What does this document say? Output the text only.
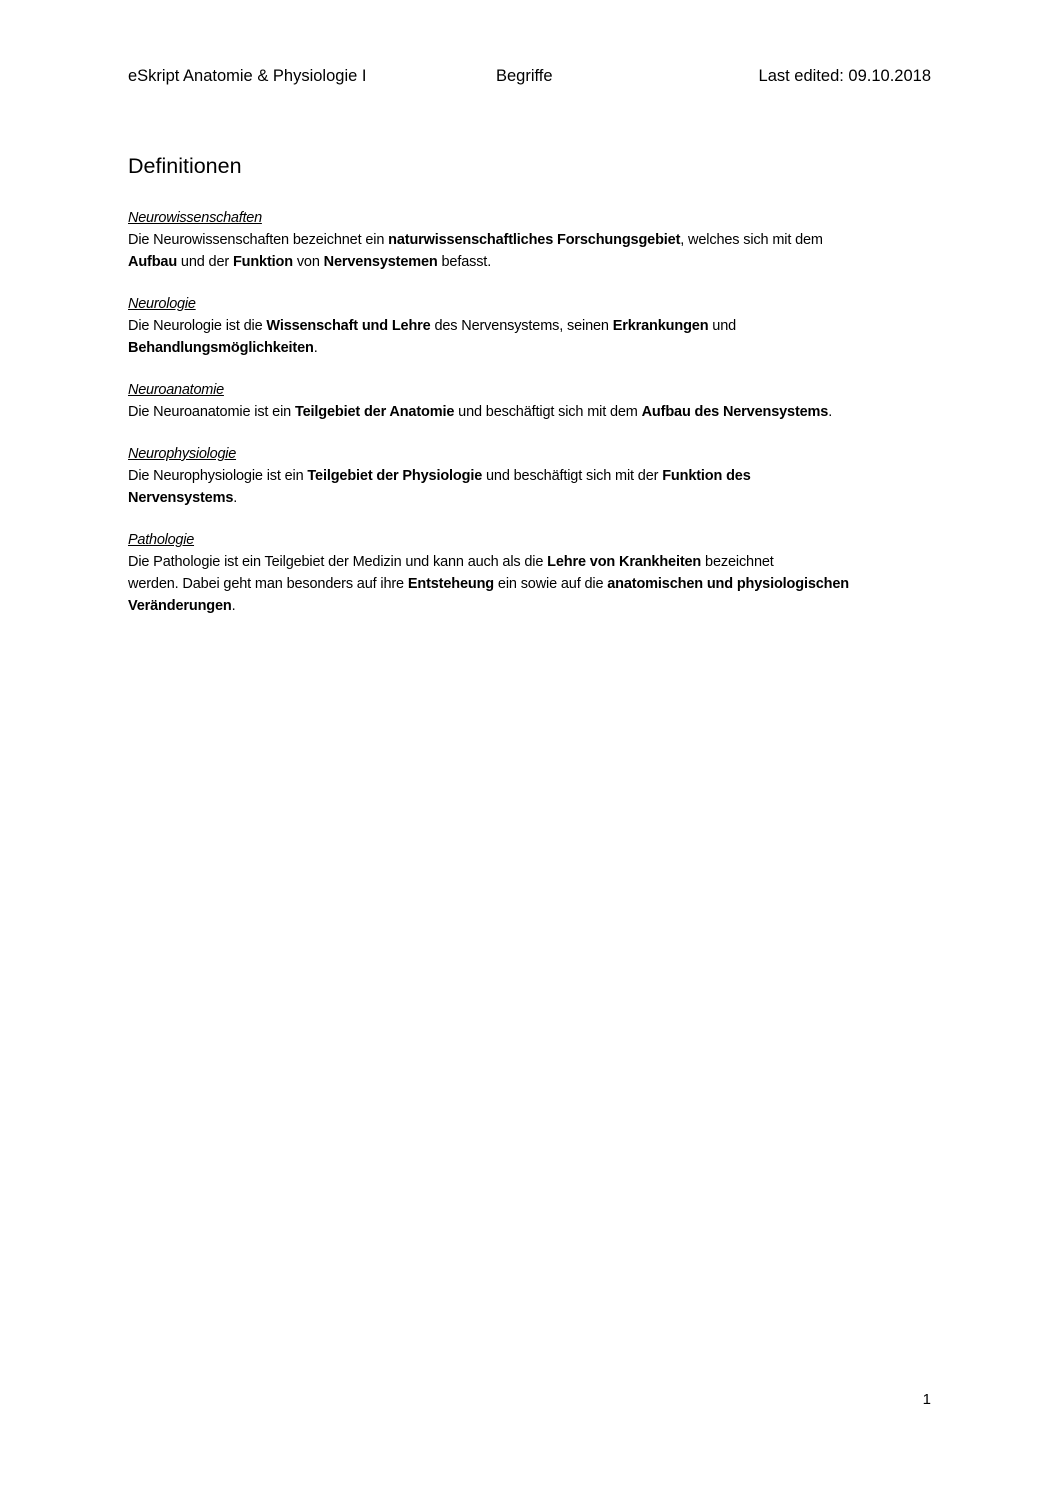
eSkript Anatomie & Physiologie I	Begriffe	Last edited: 09.10.2018
Definitionen
Neurowissenschaften

Die Neurowissenschaften bezeichnet ein naturwissenschaftliches Forschungsgebiet, welches sich mit dem
Aufbau und der Funktion von Nervensystemen befasst.

Neurologie

Die Neurologie ist die Wissenschaft und Lehre des Nervensystems, seinen Erkrankungen und
Behandlungsmöglichkeiten.

Neuroanatomie

Die Neuroanatomie ist ein Teilgebiet der Anatomie und beschäftigt sich mit dem Aufbau des Nervensystems.

Neurophysiologie

Die Neurophysiologie ist ein Teilgebiet der Physiologie und beschäftigt sich mit der Funktion des
Nervensystems.

Pathologie

Die Pathologie ist ein Teilgebiet der Medizin und kann auch als die Lehre von Krankheiten bezeichnet
werden. Dabei geht man besonders auf ihre Entsteheung ein sowie auf die anatomischen und physiologischen
Veränderungen.

1
